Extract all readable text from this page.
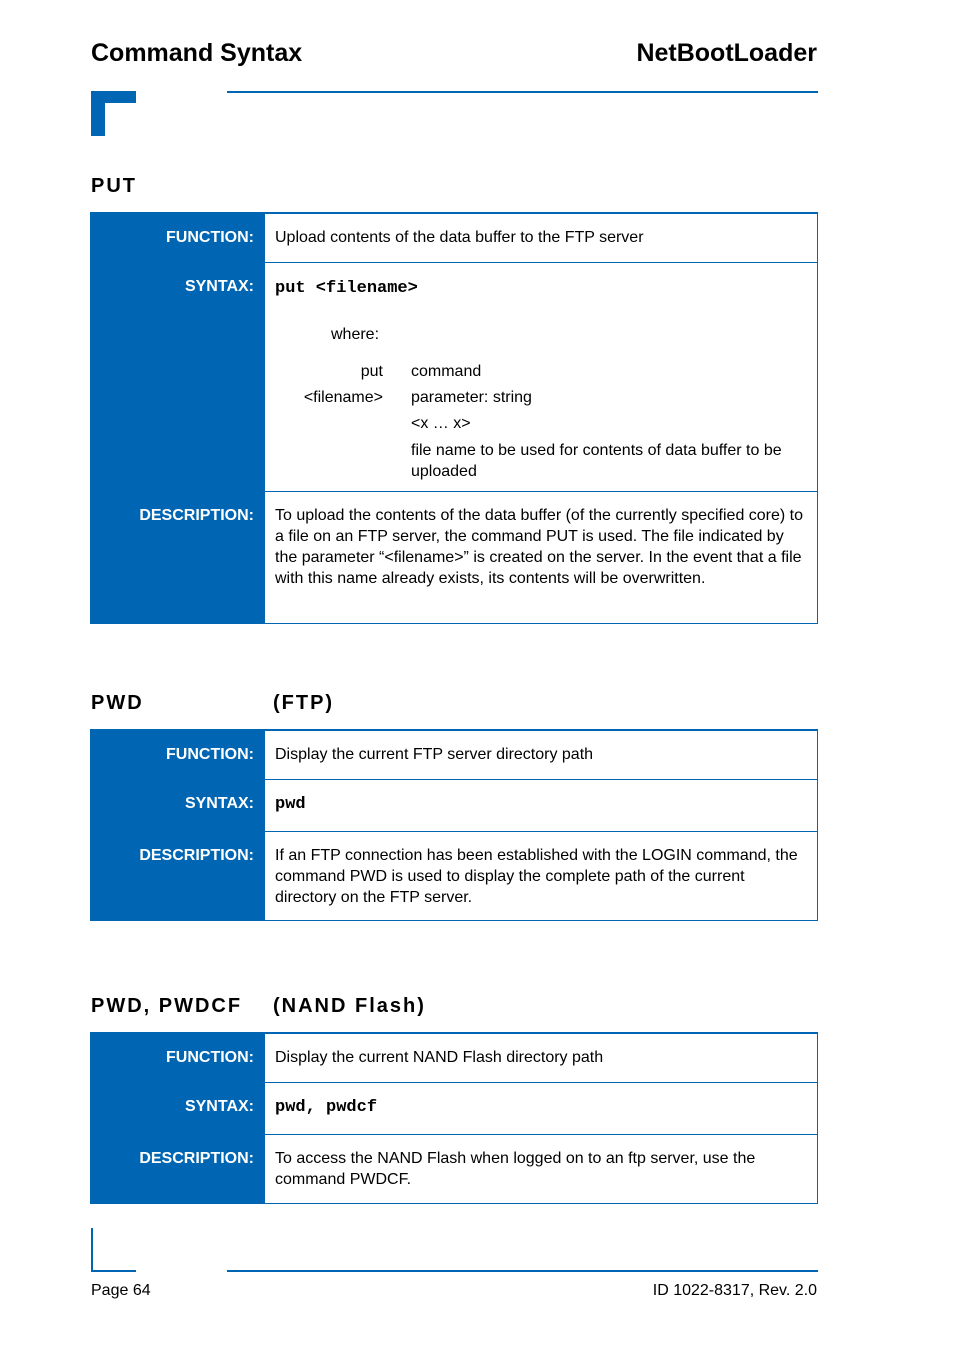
Command Syntax	NetBootLoader
PUT
FUNCTION:	Upload contents of the data buffer to the FTP server
SYNTAX:	put <filename>
where:
put command
<filename> parameter: string
<x … x>
file name to be used for contents of data buffer to be uploaded
DESCRIPTION:	To upload the contents of the data buffer (of the currently specified core) to a file on an FTP server, the command PUT is used. The file indicated by the parameter “<filename>” is created on the server. In the event that a file with this name already exists, its contents will be overwritten.
PWD	(FTP)
FUNCTION:	Display the current FTP server directory path
SYNTAX:	pwd
DESCRIPTION:	If an FTP connection has been established with the LOGIN command, the command PWD is used to display the complete path of the current directory on the FTP server.
PWD, PWDCF (NAND Flash)
FUNCTION:	Display the current NAND Flash directory path
SYNTAX:	pwd, pwdcf
DESCRIPTION:	To access the NAND Flash when logged on to an ftp server, use the command PWDCF.
Page 64	ID 1022-8317, Rev. 2.0
